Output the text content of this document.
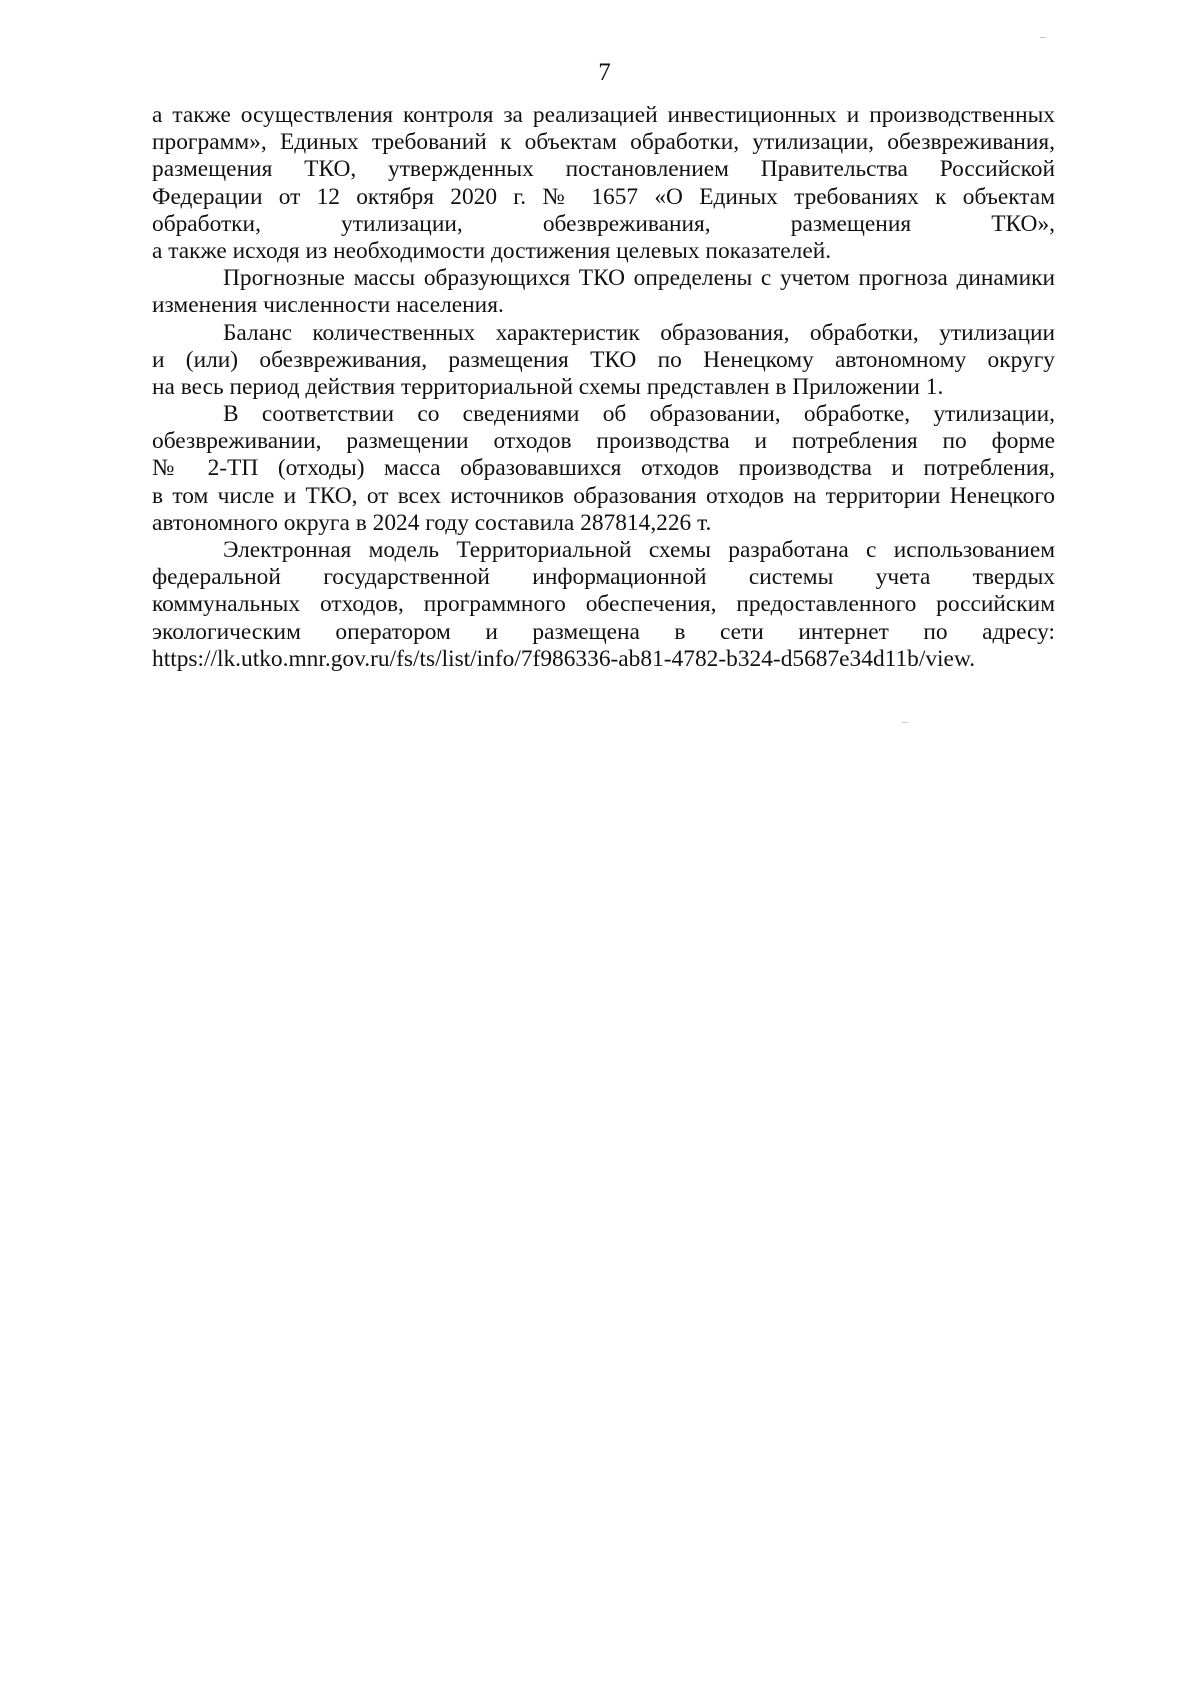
7
а также осуществления контроля за реализацией инвестиционных и производственных
программ», Единых требований к объектам обработки, утилизации, обезвреживания,
размещения ТКО, утвержденных постановлением Правительства Российской
Федерации от 12 октября 2020 г. № 1657 «О Единых требованиях к объектам
обработки, утилизации, обезвреживания, размещения ТКО»,
а также исходя из необходимости достижения целевых показателей.
Прогнозные массы образующихся ТКО определены с учетом прогноза динамики
изменения численности населения.
Баланс количественных характеристик образования, обработки, утилизации
и (или) обезвреживания, размещения ТКО по Ненецкому автономному округу
на весь период действия территориальной схемы представлен в Приложении 1.
В соответствии со сведениями об образовании, обработке, утилизации,
обезвреживании, размещении отходов производства и потребления по форме
№ 2-ТП (отходы) масса образовавшихся отходов производства и потребления,
в том числе и ТКО, от всех источников образования отходов на территории Ненецкого
автономного округа в 2024 году составила 287814,226 т.
Электронная модель Территориальной схемы разработана с использованием
федеральной государственной информационной системы учета твердых
коммунальных отходов, программного обеспечения, предоставленного российским
экологическим оператором и размещена в сети интернет по адресу:
https://lk.utko.mnr.gov.ru/fs/ts/list/info/7f986336-ab81-4782-b324-d5687e34d11b/view.
